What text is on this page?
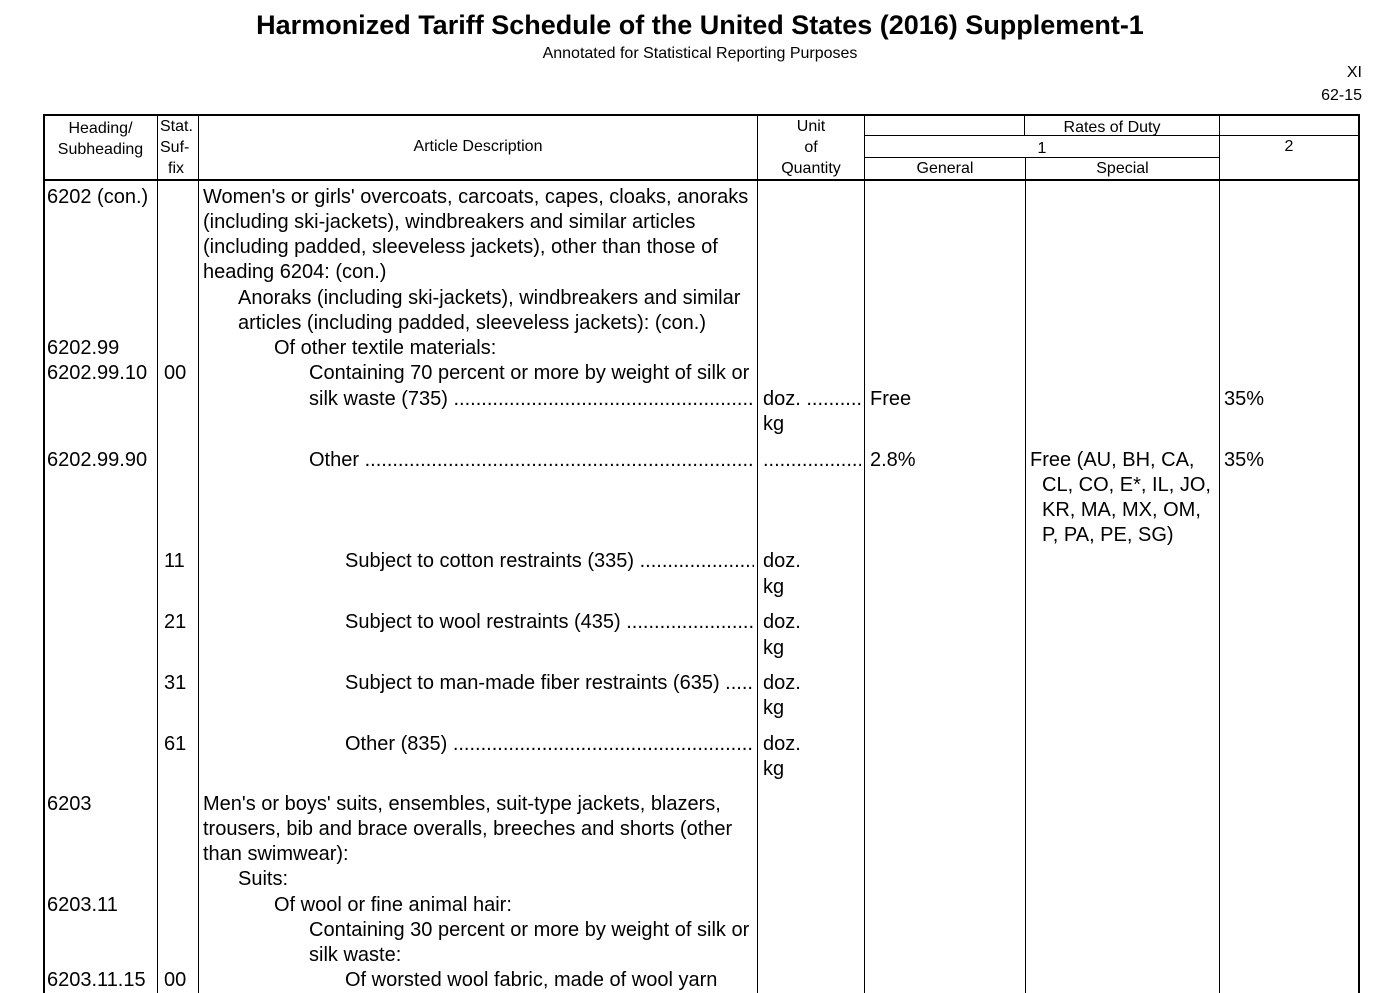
Harmonized Tariff Schedule of the United States (2016) Supplement-1
Annotated for Statistical Reporting Purposes
XI
62-15
Heading/
Subheading
Stat.
Suf-
fix
Article Description
Unit
of
Quantity
Rates of Duty
1	2
General	Special
6202 (con.)	Women's or girls' overcoats, carcoats, capes, cloaks, anoraks
(including ski-jackets), windbreakers and similar articles
(including padded, sleeveless jackets), other than those of
heading 6204: (con.)
Anoraks (including ski-jackets), windbreakers and similar
articles (including padded, sleeveless jackets): (con.)
6202.99	Of other textile materials:
6202.99.10 00	Containing 70 percent or more by weight of silk or
silk waste (735) .....	doz. .....
kg
Free	35%
6202.99.90	Other .....
.....	2.8%	Free (AU, BH, CA,
CL, CO, E*, IL, JO,
KR, MA, MX, OM,
P, PA, PE, SG)
35%
11	Subject to cotton restraints (335) .....	doz.
kg
21	Subject to wool restraints (435) .....	doz.
kg
31	Subject to man-made fiber restraints (635) .....	doz.
kg
61	Other (835) .....	doz.
kg
6203	Men's or boys' suits, ensembles, suit-type jackets, blazers,
trousers, bib and brace overalls, breeches and shorts (other
than swimwear):
Suits:
6203.11	Of wool or fine animal hair:
Containing 30 percent or more by weight of silk or
silk waste:
6203.11.15 00	Of worsted wool fabric, made of wool yarn
